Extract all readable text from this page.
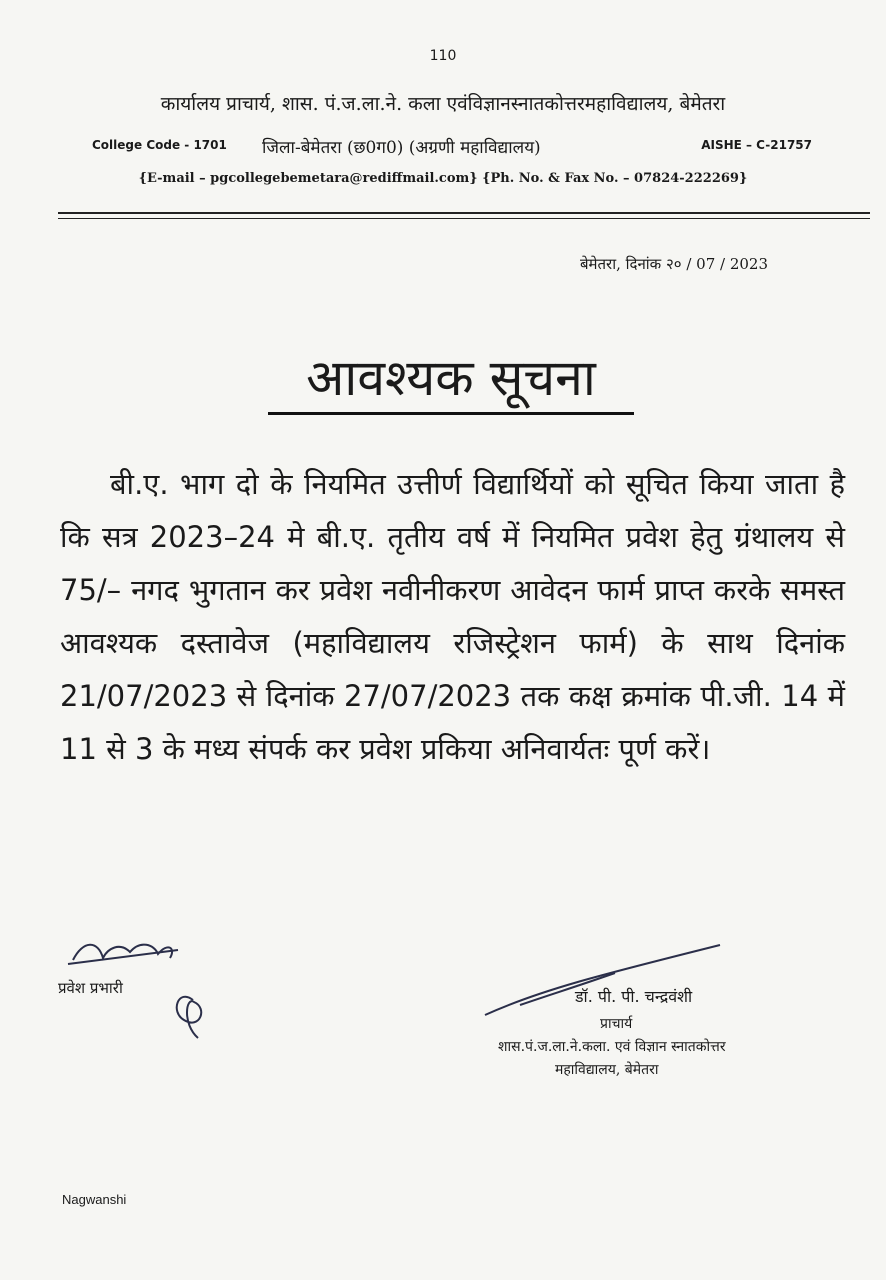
110
कार्यालय प्राचार्य, शास. पं.ज.ला.ने. कला एवंविज्ञानस्नातकोत्तरमहाविद्यालय, बेमेतरा
College Code - 1701 जिला-बेमेतरा (छ0ग0) (अग्रणी महाविद्यालय)	AISHE – C-21757
{E-mail – pgcollegebemetara@rediffmail.com} {Ph. No. & Fax No. – 07824-222269}
बेमेतरा, दिनांक २० / 07 / 2023
आवश्यक सूचना
बी.ए. भाग दो के नियमित उत्तीर्ण विद्यार्थियों को सूचित किया जाता है कि सत्र 2023–24 मे बी.ए. तृतीय वर्ष में नियमित प्रवेश हेतु ग्रंथालय से 75/– नगद भुगतान कर प्रवेश नवीनीकरण आवेदन फार्म प्राप्त करके समस्त आवश्यक दस्तावेज (महाविद्यालय रजिस्ट्रेशन फार्म) के साथ दिनांक 21/07/2023 से दिनांक 27/07/2023 तक कक्ष क्रमांक पी.जी. 14 में 11 से 3 के मध्य संपर्क कर प्रवेश प्रकिया अनिवार्यतः पूर्ण करें।
प्रवेश प्रभारी	डॉ. पी. पी. चन्द्रवंशी
प्राचार्य
शास.पं.ज.ला.ने.कला. एवं विज्ञान स्नातकोत्तर
महाविद्यालय, बेमेतरा
Nagwanshi
